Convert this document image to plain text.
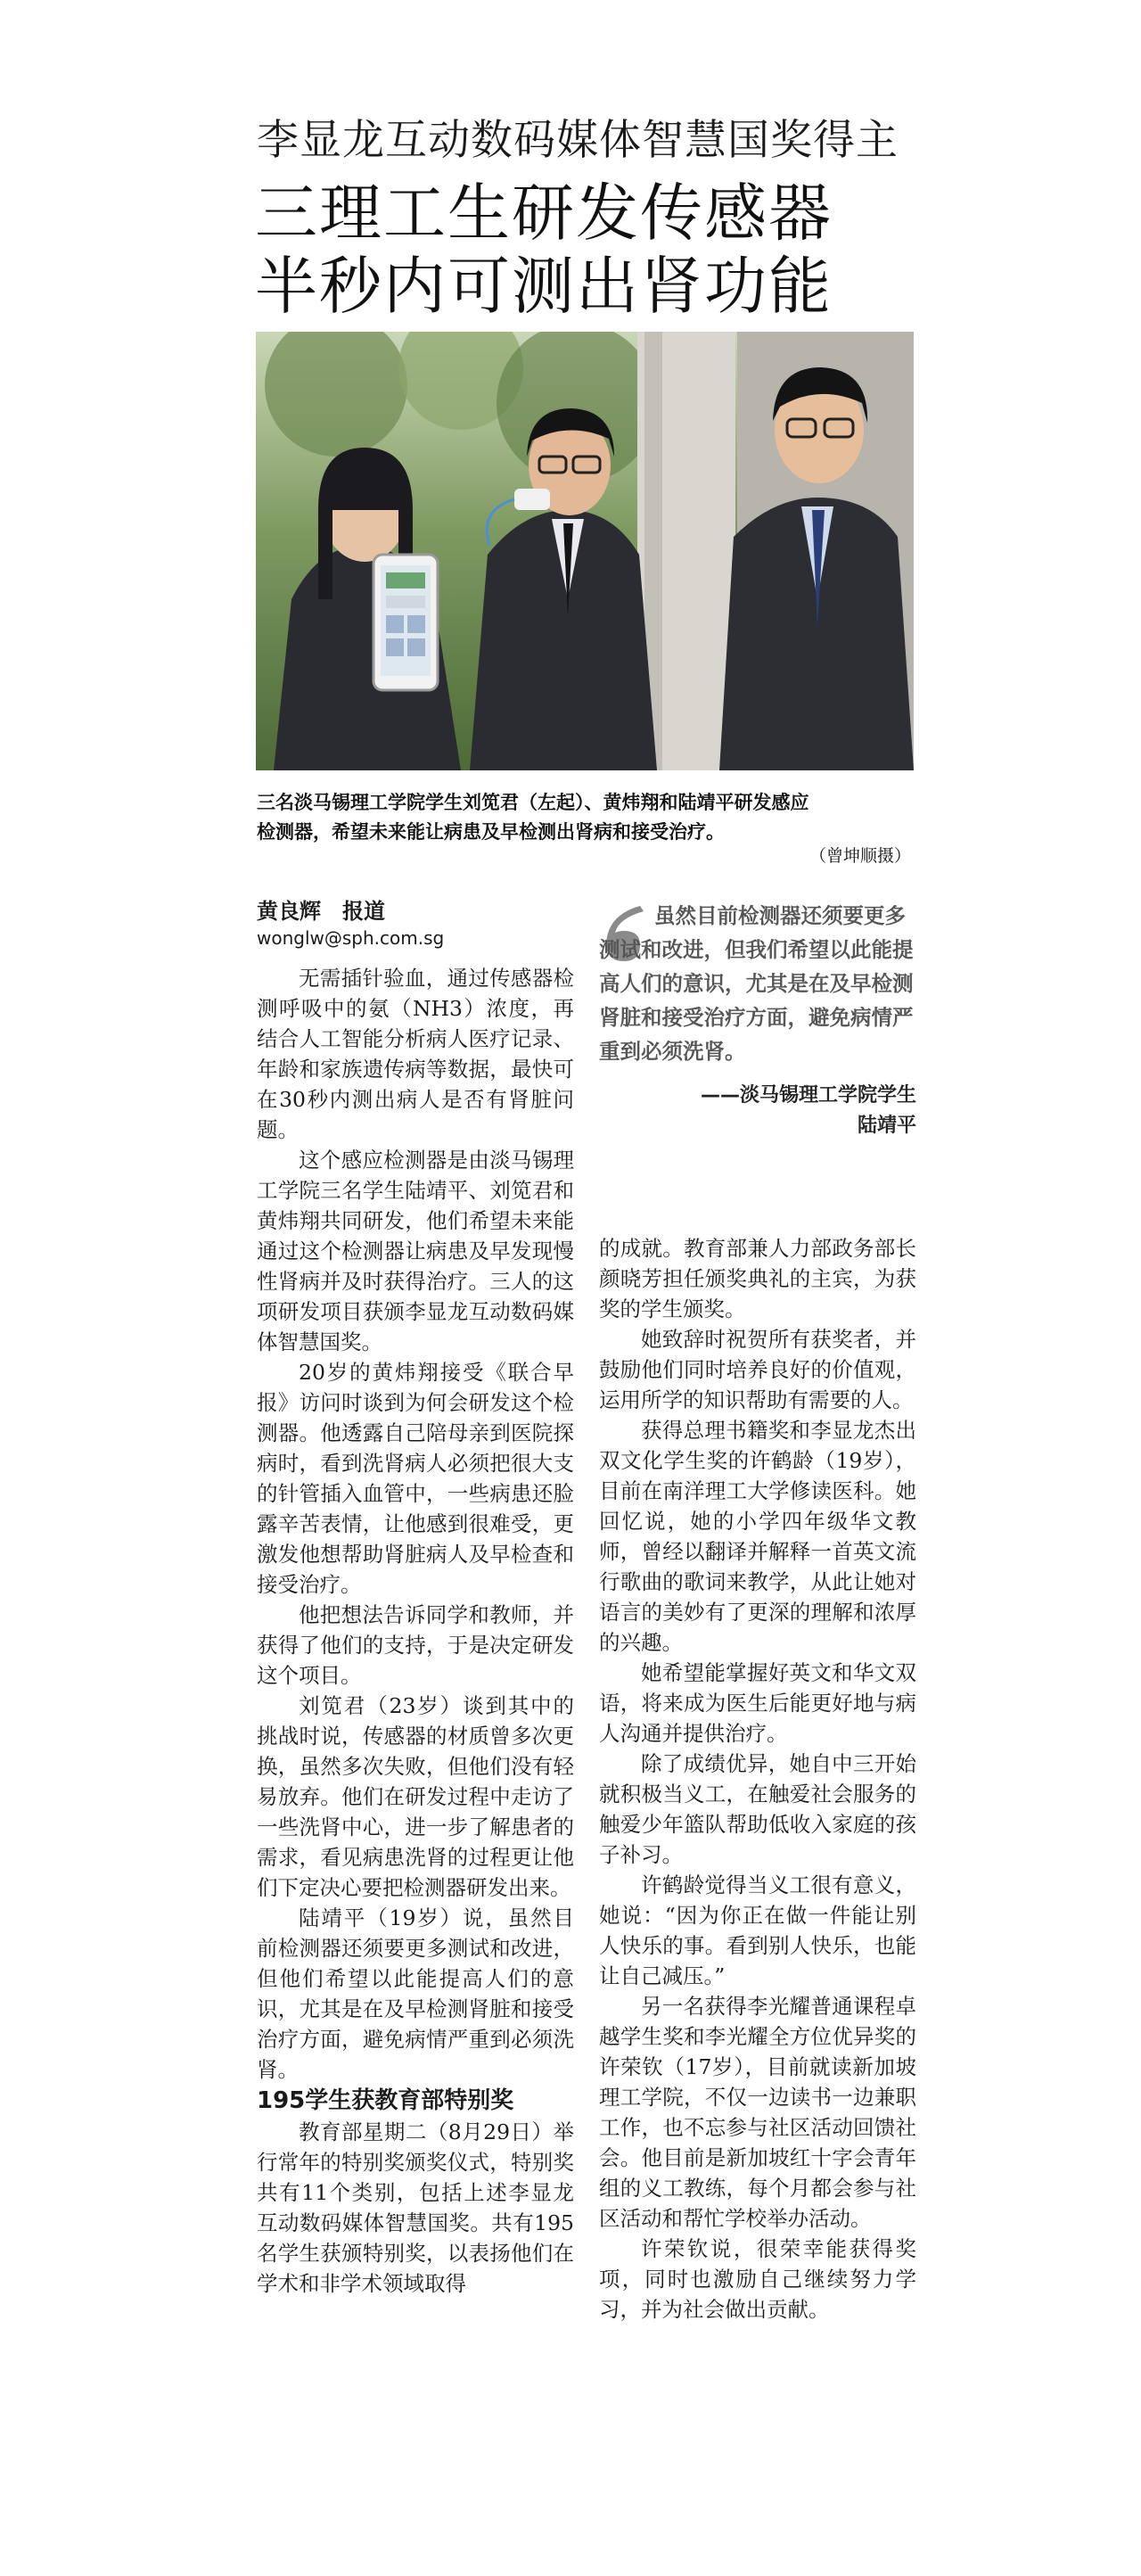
李显龙互动数码媒体智慧国奖得主
三理工生研发传感器
半秒内可测出肾功能
三名淡马锡理工学院学生刘笕君（左起）、黄炜翔和陆靖平研发感应
检测器，希望未来能让病患及早检测出肾病和接受治疗。
（曾坤顺摄）
黄良辉　报道
wonglw@sph.com.sg

虽然目前检测器还须要更多测试和改进，但我们希望以此能提高人们的意识，尤其是在及早检测肾脏和接受治疗方面，避免病情严重到必须洗肾。

——淡马锡理工学院学生
陆靖平

无需插针验血，通过传感器检测呼吸中的氨（NH3）浓度，再结合人工智能分析病人医疗记录、年龄和家族遗传病等数据，最快可在30秒内测出病人是否有肾脏问题。

这个感应检测器是由淡马锡理工学院三名学生陆靖平、刘笕君和黄炜翔共同研发，他们希望未来能通过这个检测器让病患及早发现慢性肾病并及时获得治疗。三人的这项研发项目获颁李显龙互动数码媒体智慧国奖。

20岁的黄炜翔接受《联合早报》访问时谈到为何会研发这个检测器。他透露自己陪母亲到医院探病时，看到洗肾病人必须把很大支的针管插入血管中，一些病患还脸露辛苦表情，让他感到很难受，更激发他想帮助肾脏病人及早检查和接受治疗。

他把想法告诉同学和教师，并获得了他们的支持，于是决定研发这个项目。

刘笕君（23岁）谈到其中的挑战时说，传感器的材质曾多次更换，虽然多次失败，但他们没有轻易放弃。他们在研发过程中走访了一些洗肾中心，进一步了解患者的需求，看见病患洗肾的过程更让他们下定决心要把检测器研发出来。

陆靖平（19岁）说，虽然目前检测器还须要更多测试和改进，但他们希望以此能提高人们的意识，尤其是在及早检测肾脏和接受治疗方面，避免病情严重到必须洗肾。

195学生获教育部特别奖

教育部星期二（8月29日）举行常年的特别奖颁奖仪式，特别奖共有11个类别，包括上述李显龙互动数码媒体智慧国奖。共有195名学生获颁特别奖，以表扬他们在学术和非学术领域取得

的成就。教育部兼人力部政务部长颜晓芳担任颁奖典礼的主宾，为获奖的学生颁奖。

她致辞时祝贺所有获奖者，并鼓励他们同时培养良好的价值观，运用所学的知识帮助有需要的人。

获得总理书籍奖和李显龙杰出双文化学生奖的许鹤龄（19岁），目前在南洋理工大学修读医科。她回忆说，她的小学四年级华文教师，曾经以翻译并解释一首英文流行歌曲的歌词来教学，从此让她对语言的美妙有了更深的理解和浓厚的兴趣。

她希望能掌握好英文和华文双语，将来成为医生后能更好地与病人沟通并提供治疗。

除了成绩优异，她自中三开始就积极当义工，在触爱社会服务的触爱少年篮队帮助低收入家庭的孩子补习。

许鹤龄觉得当义工很有意义，她说：“因为你正在做一件能让别人快乐的事。看到别人快乐，也能让自己减压。”

另一名获得李光耀普通课程卓越学生奖和李光耀全方位优异奖的许荣钦（17岁），目前就读新加坡理工学院，不仅一边读书一边兼职工作，也不忘参与社区活动回馈社会。他目前是新加坡红十字会青年组的义工教练，每个月都会参与社区活动和帮忙学校举办活动。

许荣钦说，很荣幸能获得奖项，同时也激励自己继续努力学习，并为社会做出贡献。
